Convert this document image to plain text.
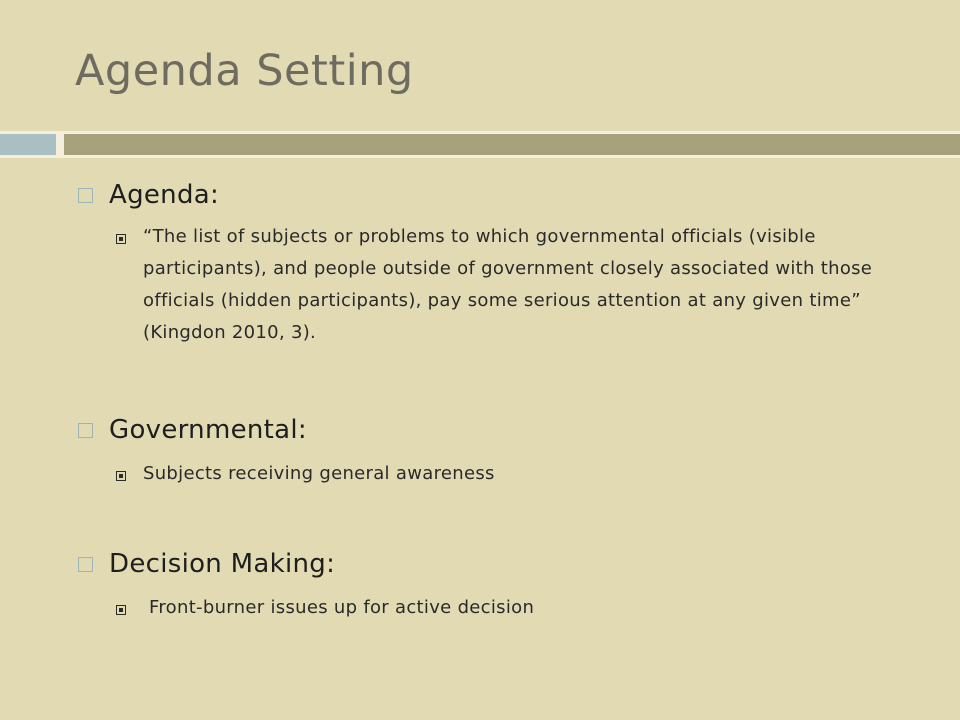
Agenda Setting
Agenda:
“The list of subjects or problems to which governmental officials (visible participants), and people outside of government closely associated with those officials (hidden participants), pay some serious attention at any given time” (Kingdon 2010, 3).
Governmental:
Subjects receiving general awareness
Decision Making:
Front-burner issues up for active decision
